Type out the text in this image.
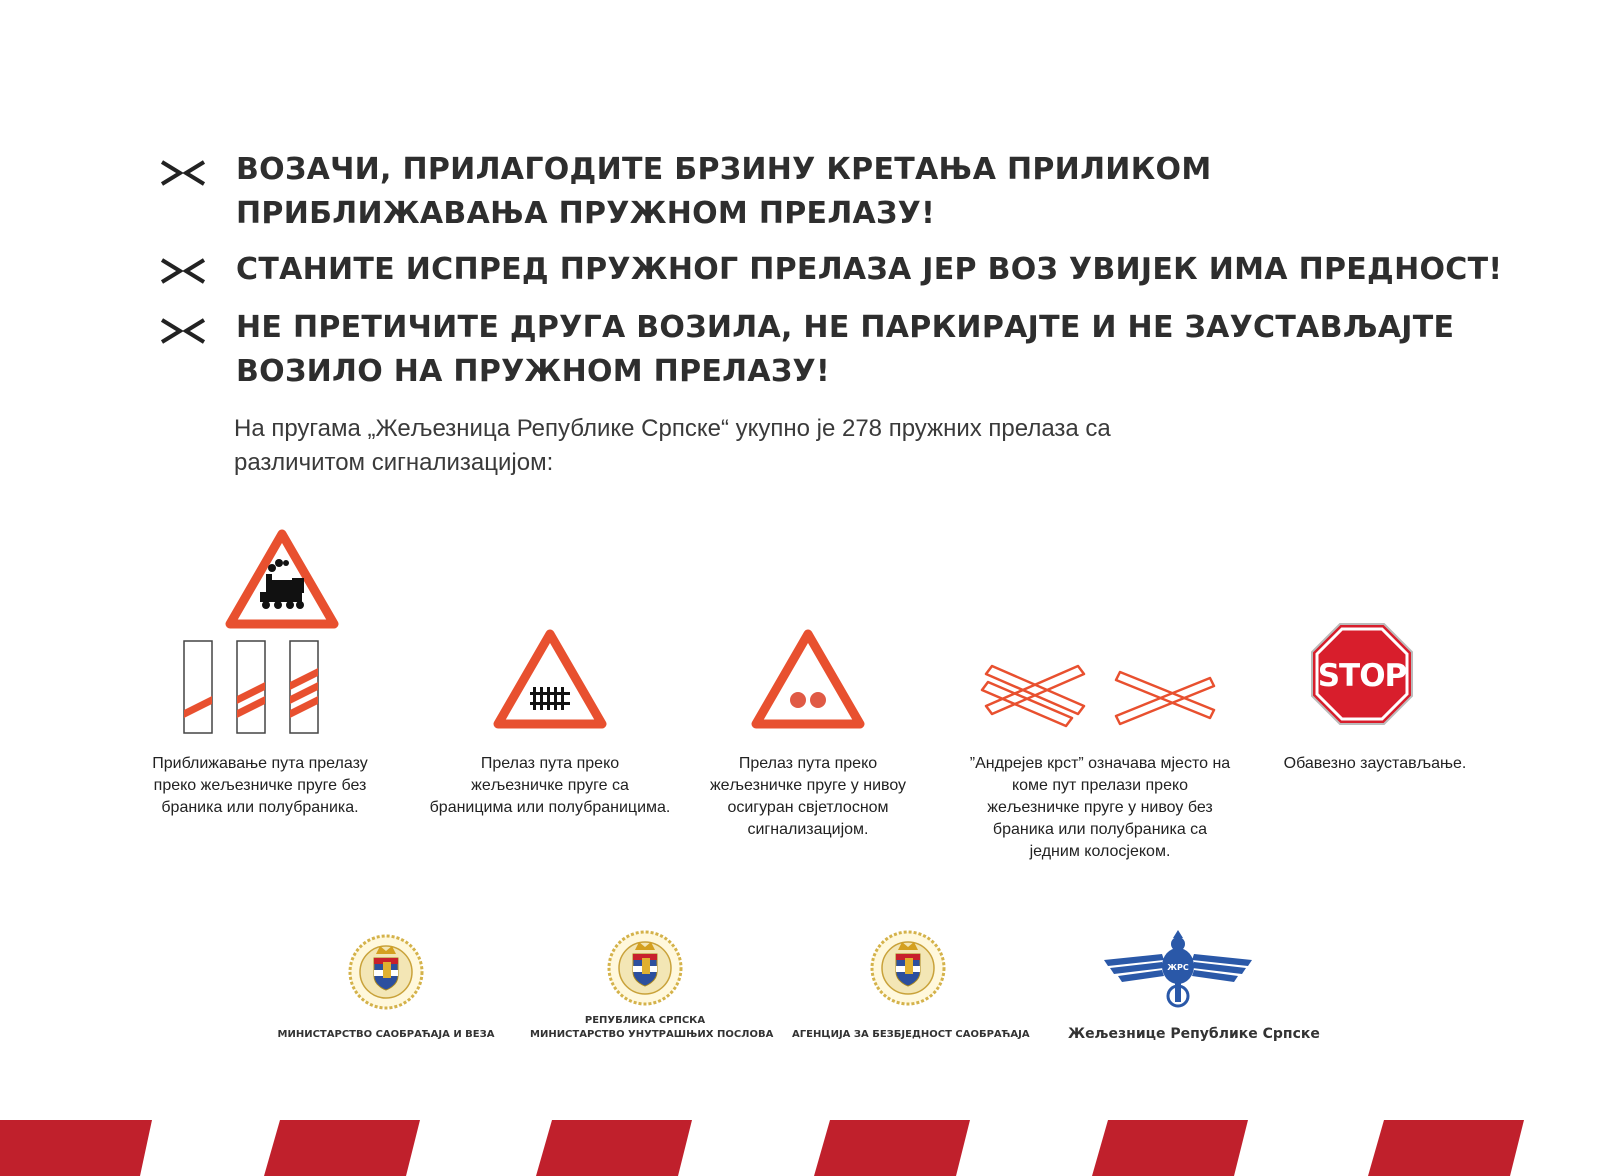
ВОЗАЧИ, ПРИЛАГОДИТЕ БРЗИНУ КРЕТАЊА ПРИЛИКОМ
ПРИБЛИЖАВАЊА ПРУЖНОМ ПРЕЛАЗУ!
СТАНИТЕ ИСПРЕД ПРУЖНОГ ПРЕЛАЗА ЈЕР ВОЗ УВИЈЕК ИМА ПРЕДНОСТ!
НЕ ПРЕТИЧИТЕ ДРУГА ВОЗИЛА, НЕ ПАРКИРАЈТЕ И НЕ ЗАУСТАВЉАЈТЕ
ВОЗИЛО НА ПРУЖНОМ ПРЕЛАЗУ!
На пругама „Жељезница Републике Српске“ укупно је 278 пружних прелаза са
различитом сигнализацијом:
STOP
Приближавање пута прелазу
преко жељезничке пруге без
браника или полубраника.
Прелаз пута преко
жељезничке пруге са
браницима или полубраницима.
Прелаз пута преко
жељезничке пруге у нивоу
осигуран свјетлосном
сигнализацијом.
”Андрејев крст” означава мјесто на
коме пут прелази преко
жељезничке пруге у нивоу без
браника или полубраника са
једним колосјеком.
Обавезно заустављање.
ЖРС
МИНИСТАРСТВО САОБРАЋАЈА И ВЕЗА
РЕПУБЛИКА СРПСКА
МИНИСТАРСТВО УНУТРАШЊИХ ПОСЛОВА АГЕНЦИЈА ЗА БЕЗБЈЕДНОСТ САОБРАЋАЈА	Жељезнице Републике Српске
